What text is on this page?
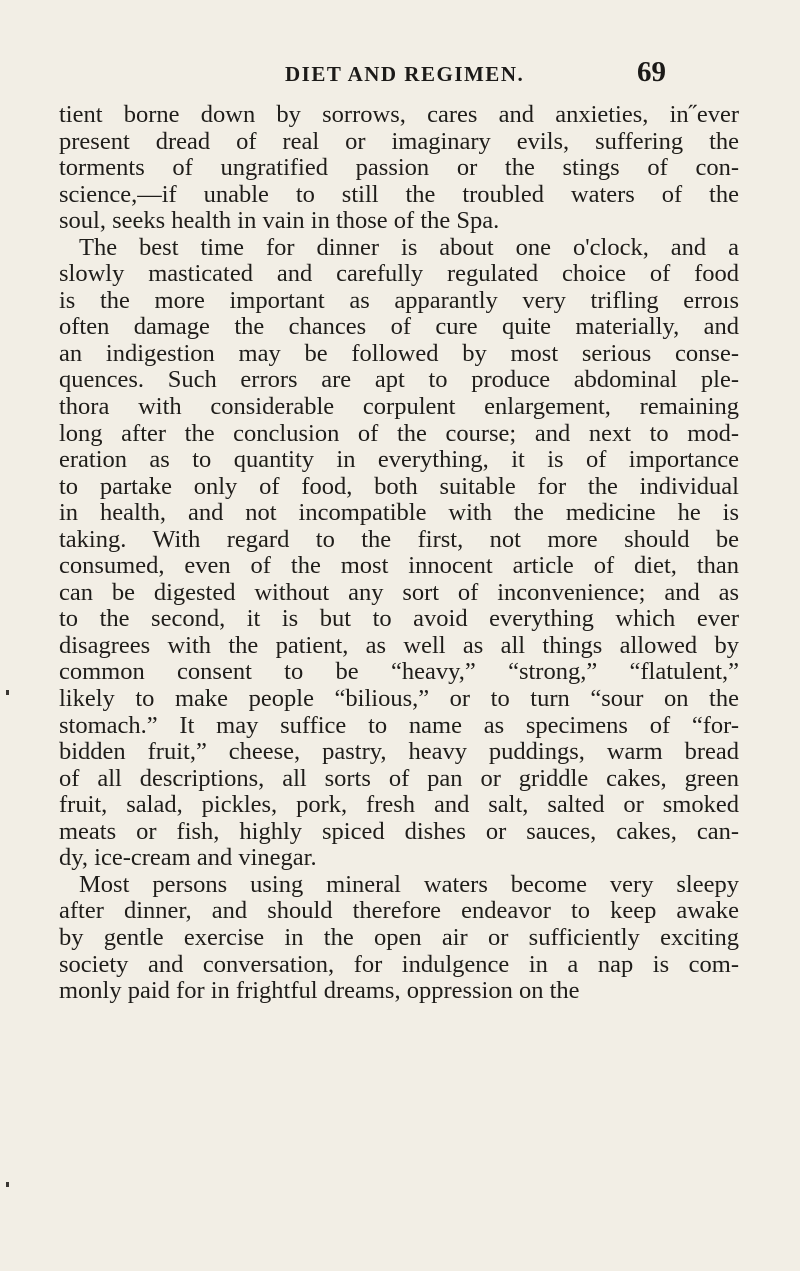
DIET AND REGIMEN.	69
tient borne down by sorrows, cares and anxieties, in˝ever
present dread of real or imaginary evils, suffering the
torments of ungratified passion or the stings of con-
science,—if unable to still the troubled waters of the
soul, seeks health in vain in those of the Spa.
The best time for dinner is about one o'clock, and a
slowly masticated and carefully regulated choice of food
is the more important as apparantly very trifling erroıs
often damage the chances of cure quite materially, and
an indigestion may be followed by most serious conse-
quences. Such errors are apt to produce abdominal ple-
thora with considerable corpulent enlargement, remaining
long after the conclusion of the course; and next to mod-
eration as to quantity in everything, it is of importance
to partake only of food, both suitable for the individual
in health, and not incompatible with the medicine he is
taking. With regard to the first, not more should be
consumed, even of the most innocent article of diet, than
can be digested without any sort of inconvenience; and as
to the second, it is but to avoid everything which ever
disagrees with the patient, as well as all things allowed by
common consent to be “heavy,” “strong,” “flatulent,”
likely to make people “bilious,” or to turn “sour on the
stomach.” It may suffice to name as specimens of “for-
bidden fruit,” cheese, pastry, heavy puddings, warm bread
of all descriptions, all sorts of pan or griddle cakes, green
fruit, salad, pickles, pork, fresh and salt, salted or smoked
meats or fish, highly spiced dishes or sauces, cakes, can-
dy, ice-cream and vinegar.
Most persons using mineral waters become very sleepy
after dinner, and should therefore endeavor to keep awake
by gentle exercise in the open air or sufficiently exciting
society and conversation, for indulgence in a nap is com-
monly paid for in frightful dreams, oppression on the
